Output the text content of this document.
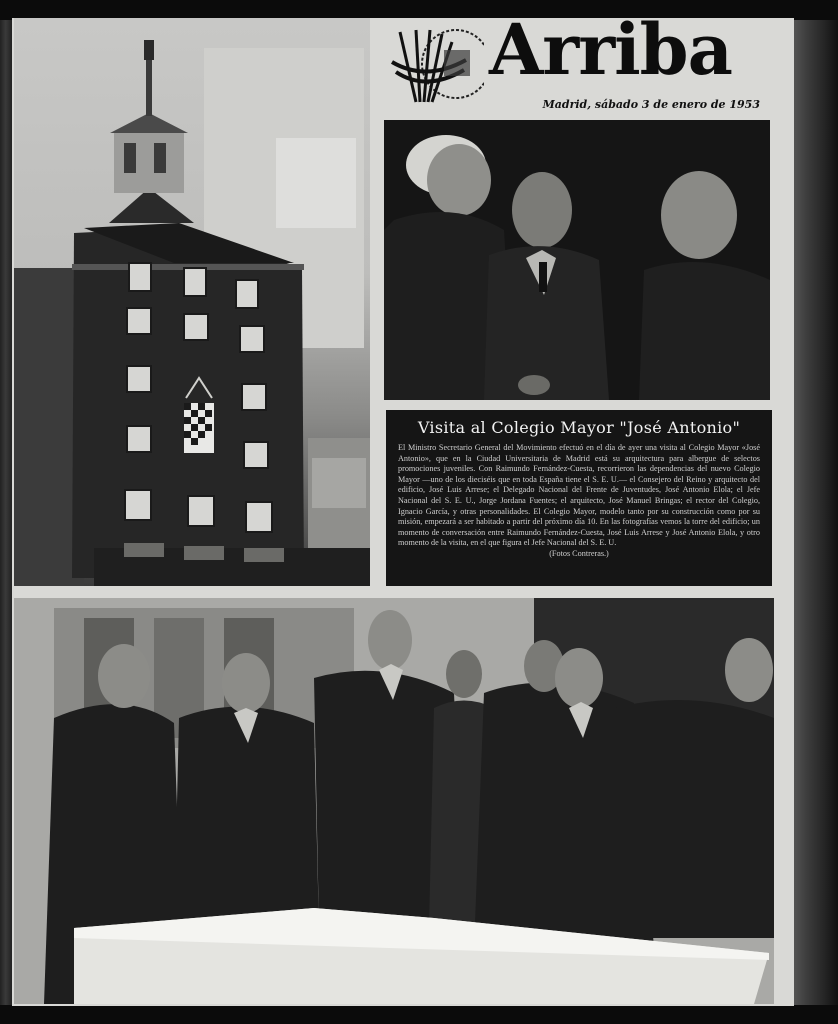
Arriba
Madrid, sábado 3 de enero de 1953
Visita al Colegio Mayor "José Antonio"
El Ministro Secretario General del Movimiento efectuó en el día de ayer una visita al Colegio Mayor «José Antonio», que en la Ciudad Universitaria de Madrid está su arquitectura para albergue de selectos promociones juveniles. Con Raimundo Fernández-Cuesta, recorrieron las dependencias del nuevo Colegio Mayor —uno de los dieciséis que en toda España tiene el S. E. U.— el Consejero del Reino y arquitecto del edificio, José Luis Arrese; el Delegado Nacional del Frente de Juventudes, José Antonio Elola; el Jefe Nacional del S. E. U., Jorge Jordana Fuentes; el arquitecto, José Manuel Bringas; el rector del Colegio, Ignacio García, y otras personalidades. El Colegio Mayor, modelo tanto por su construcción como por su misión, empezará a ser habitado a partir del próximo día 10. En las fotografías vemos la torre del edificio; un momento de conversación entre Raimundo Fernández-Cuesta, José Luis Arrese y José Antonio Elola, y otro momento de la visita, en el que figura el Jefe Nacional del S. E. U.
(Fotos Contreras.)
